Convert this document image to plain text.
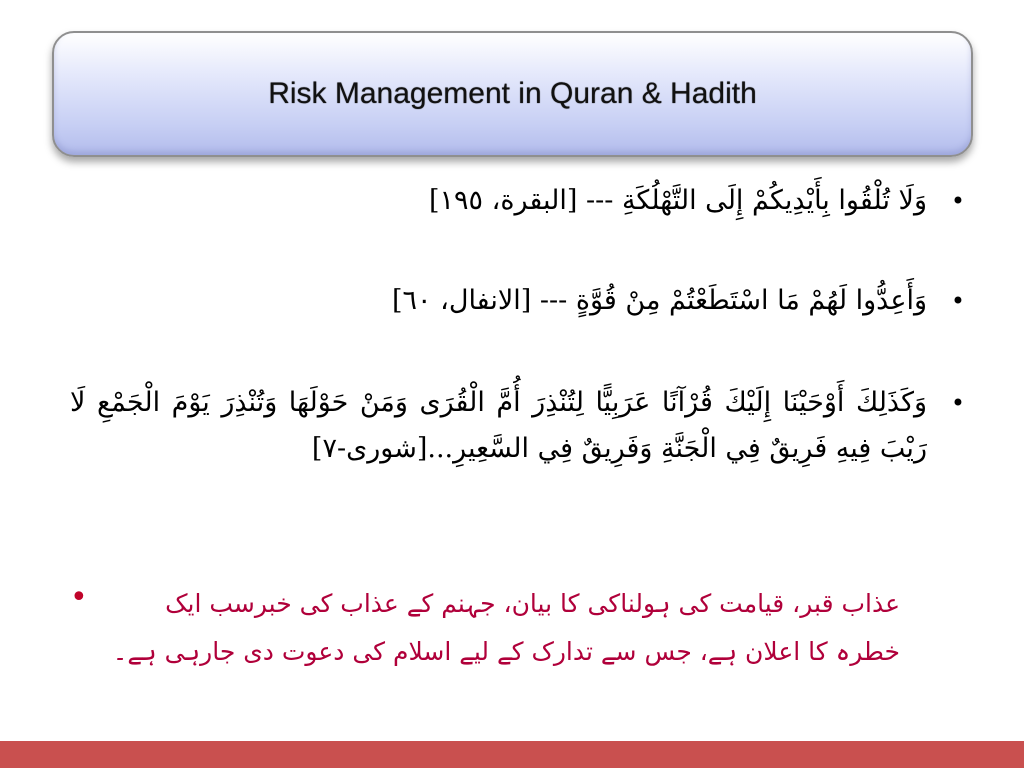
Risk Management in Quran & Hadith
•
وَلَا تُلْقُوا بِأَيْدِيكُمْ إِلَى التَّهْلُكَةِ --- [البقرة، ١٩٥]
•
وَأَعِدُّوا لَهُمْ مَا اسْتَطَعْتُمْ مِنْ قُوَّةٍ --- [الانفال، ٦٠]
•
وَكَذَلِكَ أَوْحَيْنَا إِلَيْكَ قُرْآنًا عَرَبِيًّا لِتُنْذِرَ أُمَّ الْقُرَى وَمَنْ حَوْلَهَا وَتُنْذِرَ يَوْمَ الْجَمْعِ لَا رَيْبَ فِيهِ فَرِيقٌ فِي الْجَنَّةِ وَفَرِيقٌ فِي السَّعِيرِ...[شورى-٧]
•	عذاب قبر، قیامت کی ہولناکی کا بیان، جہنم کے عذاب کی خبرسب ایک خطرہ کا اعلان ہے، جس سے تدارک کے لیے اسلام کی دعوت دی جارہی ہے۔
